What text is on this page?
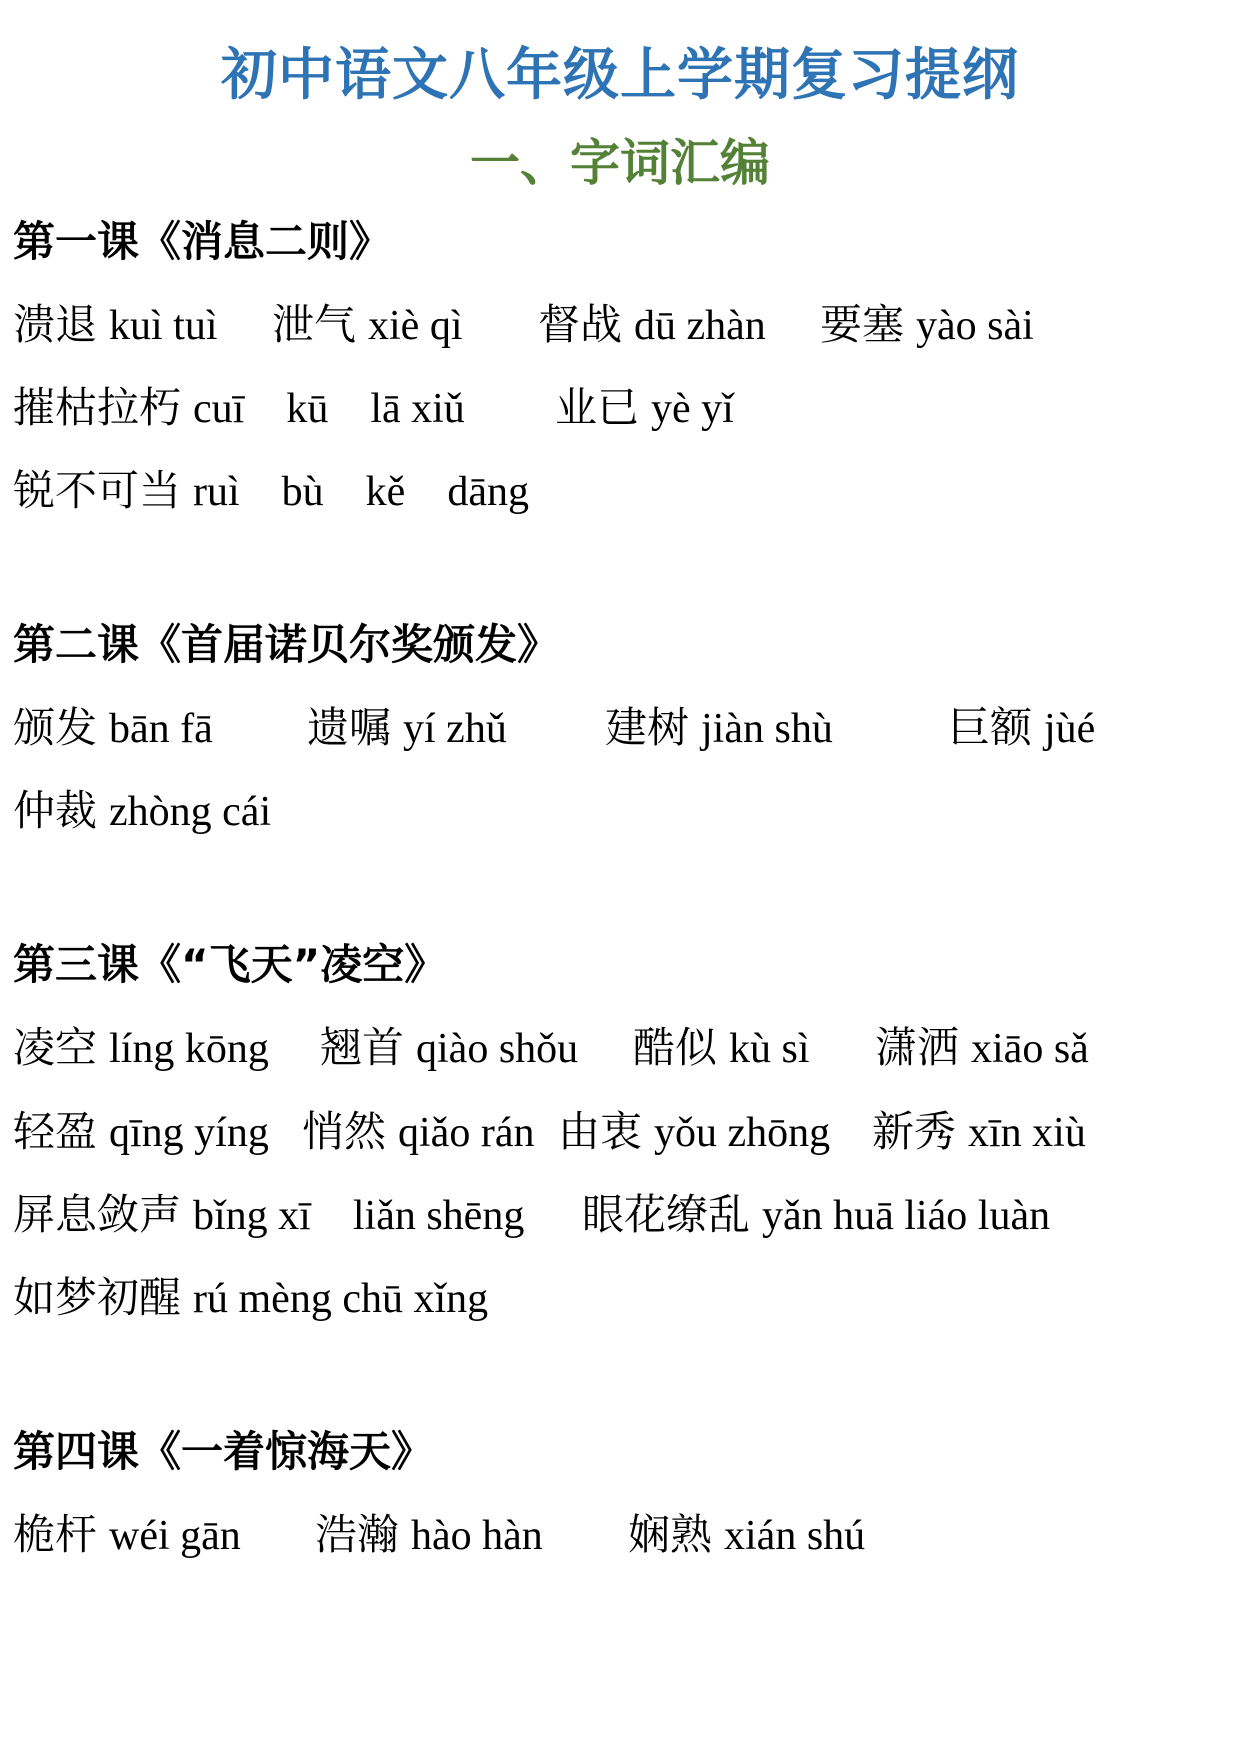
初中语文八年级上学期复习提纲
一、字词汇编
第一课《消息二则》
溃退 kuì tuì 泄气 xiè qì 督战 dū zhàn 要塞 yào sài
摧枯拉朽 cuī    kū    lā xiǔ 业已 yè yǐ
锐不可当 ruì    bù    kě    dāng
第二课《首届诺贝尔奖颁发》
颁发 bān fā 遗嘱 yí zhǔ 建树 jiàn shù	巨额 jùé
仲裁 zhòng cái
第三课《“飞天”凌空》
凌空 líng kōng 翘首 qiào shǒu 酷似 kù sì 潇洒 xiāo sǎ
轻盈 qīng yíng 悄然 qiǎo rán 由衷 yǒu zhōng 新秀 xīn xiù
屏息敛声 bǐng xī    liǎn shēng 眼花缭乱 yǎn huā liáo luàn
如梦初醒 rú mèng chū xǐng
第四课《一着惊海天》
桅杆 wéi gān 浩瀚 hào hàn 娴熟 xián shú
